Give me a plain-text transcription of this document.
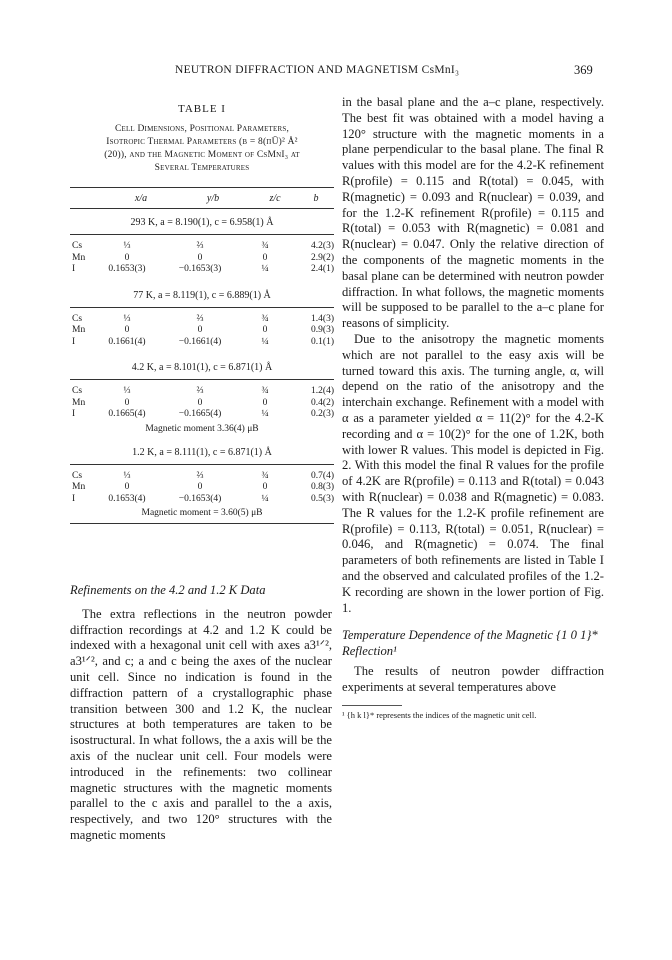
NEUTRON DIFFRACTION AND MAGNETISM CsMnI₃	369
TABLE I
Cell Dimensions, Positional Parameters,
Isotropic Thermal Parameters (b = 8(πŪ)² Å²
(20)), and the Magnetic Moment of CsMnI₃ at
Several Temperatures
x/a	y/b	z/c	b
293 K, a = 8.190(1), c = 6.958(1) Å
Cs	⅓	⅔	¾	4.2(3)
Mn	0	0	0	2.9(2)
I	0.1653(3)	−0.1653(3)	¼	2.4(1)
77 K, a = 8.119(1), c = 6.889(1) Å
Cs	⅓	⅔	¾	1.4(3)
Mn	0	0	0	0.9(3)
I	0.1661(4)	−0.1661(4)	¼	0.1(1)
4.2 K, a = 8.101(1), c = 6.871(1) Å
Cs	⅓	⅔	¾	1.2(4)
Mn	0	0	0	0.4(2)
I	0.1665(4)	−0.1665(4)	¼	0.2(3)
Magnetic moment 3.36(4) μB
1.2 K, a = 8.111(1), c = 6.871(1) Å
Cs	⅓	⅔	¾	0.7(4)
Mn	0	0	0	0.8(3)
I	0.1653(4)	−0.1653(4)	¼	0.5(3)
Magnetic moment = 3.60(5) μB
Refinements on the 4.2 and 1.2 K Data

The extra reflections in the neutron powder diffraction recordings at 4.2 and 1.2 K could be indexed with a hexagonal unit cell with axes a3¹ᐟ², a3¹ᐟ², and c; a and c being the axes of the nuclear unit cell. Since no indication is found in the diffraction pattern of a crystallographic phase transition between 300 and 1.2 K, the nuclear structures at both temperatures are taken to be isostructural. In what follows, the a axis will be the axis of the nuclear unit cell. Four models were introduced in the refinements: two collinear magnetic structures with the magnetic moments parallel to the c axis and parallel to the a axis, respectively, and two 120° structures with the magnetic moments

in the basal plane and the a–c plane, respectively. The best fit was obtained with a model having a 120° structure with the magnetic moments in a plane perpendicular to the basal plane. The final R values with this model are for the 4.2-K refinement R(profile) = 0.115 and R(total) = 0.045, with R(magnetic) = 0.093 and R(nuclear) = 0.039, and for the 1.2-K refinement R(profile) = 0.115 and R(total) = 0.053 with R(magnetic) = 0.081 and R(nuclear) = 0.047. Only the relative direction of the components of the magnetic moments in the basal plane can be determined with neutron powder diffraction. In what follows, the magnetic moments will be supposed to be parallel to the a–c plane for reasons of simplicity.

Due to the anisotropy the magnetic moments which are not parallel to the easy axis will be turned toward this axis. The turning angle, α, will depend on the ratio of the anisotropy and the interchain exchange. Refinement with a model with α as a parameter yielded α = 11(2)° for the 4.2-K recording and α = 10(2)° for the one of 1.2K, both with lower R values. This model is depicted in Fig. 2. With this model the final R values for the profile of 4.2K are R(profile) = 0.113 and R(total) = 0.043 with R(nuclear) = 0.038 and R(magnetic) = 0.083. The R values for the 1.2-K profile refinement are R(profile) = 0.113, R(total) = 0.051, R(nuclear) = 0.046, and R(magnetic) = 0.074. The final parameters of both refinements are listed in Table I and the observed and calculated profiles of the 1.2-K recording are shown in the lower portion of Fig. 1.

Temperature Dependence of the Magnetic {1 0 1}* Reflection¹

The results of neutron powder diffraction experiments at several temperatures above

¹ {h k l}* represents the indices of the magnetic unit cell.
